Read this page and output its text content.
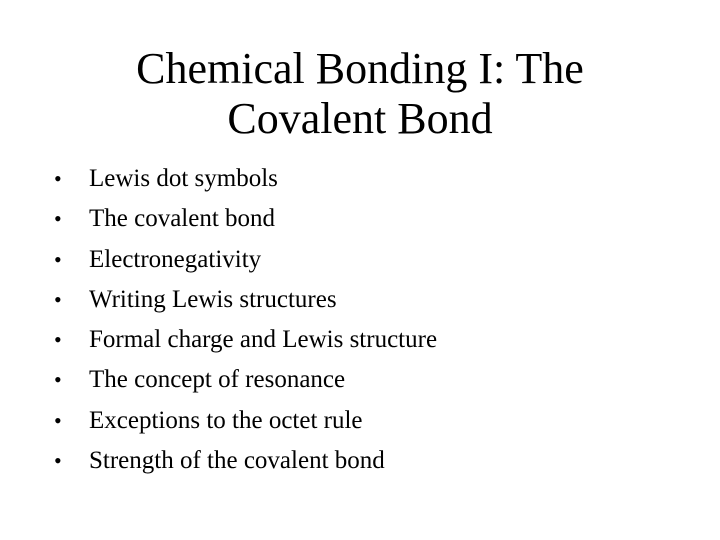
Chemical Bonding I: The
Covalent Bond
• Lewis dot symbols
• The covalent bond
• Electronegativity
• Writing Lewis structures
• Formal charge and Lewis structure
• The concept of resonance
• Exceptions to the octet rule
• Strength of the covalent bond
